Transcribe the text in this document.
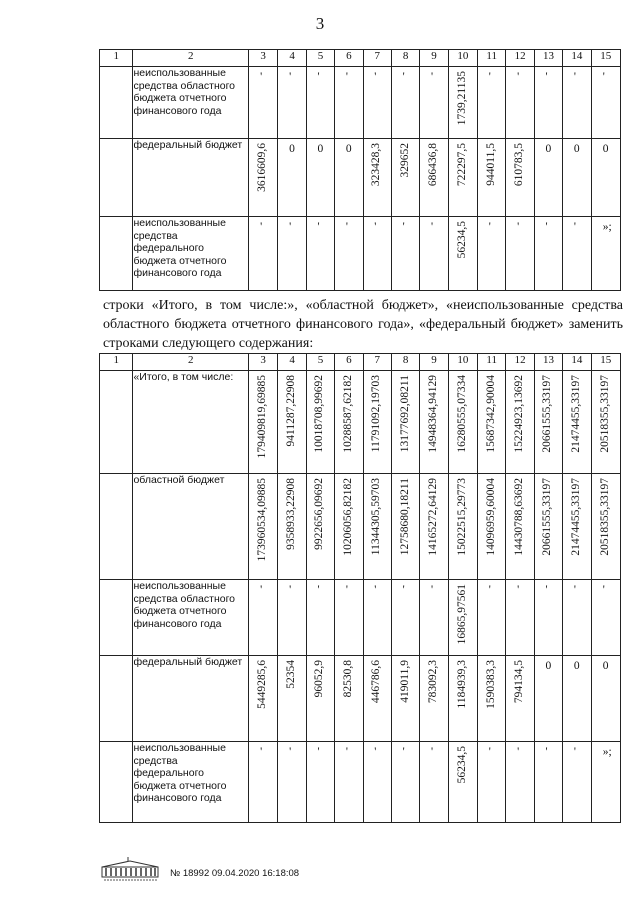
3
1	2	3	4	5	6	7	8	9	10	11	12	13	14	15
	неиспользованные средства областного бюджета отчетного финансового года	'	'	'	'	'	'	'	1739,21135	'	'	'	'	'

	федеральный бюджет	3616609,6	0	0	0	323428,3	329652	686436,8	722297,5	944011,5	610783,5	0	0	0

	неиспользованные средства федерального бюджета отчетного финансового года	'	'	'	'	'	'	'	56234,5	'	'	'	'	»;
строки «Итого, в том числе:», «областной бюджет», «неиспользованные средства областного бюджета отчетного финансового года», «федеральный бюджет» заменить строками следующего содержания:
1	2	3	4	5	6	7	8	9	10	11	12	13	14	15
	«Итого, в том числе:	179409819,69885	9411287,22908	10018708,99692	10288587,62182	11791092,19703	13177692,08211	14948364,94129	16280555,07334	15687342,90004	15224923,13692	20661555,33197	21474455,33197	20518355,33197

	областной бюджет	173960534,09885	9358933,22908	9922656,09692	10206056,82182	11344305,59703	12758680,18211	14165272,64129	15022515,29773	14096959,60004	14430788,63692	20661555,33197	21474455,33197	20518355,33197

	неиспользованные средства областного бюджета отчетного финансового года	'	'	'	'	'	'	'	16865,97561	'	'	'	'	'

	федеральный бюджет	5449285,6	52354	96052,9	82530,8	446786,6	419011,9	783092,3	1184939,3	1590383,3	794134,5	0	0	0

	неиспользованные средства федерального бюджета отчетного финансового года	'	'	'	'	'	'	'	56234,5	'	'	'	'	»;
№ 18992 09.04.2020 16:18:08
